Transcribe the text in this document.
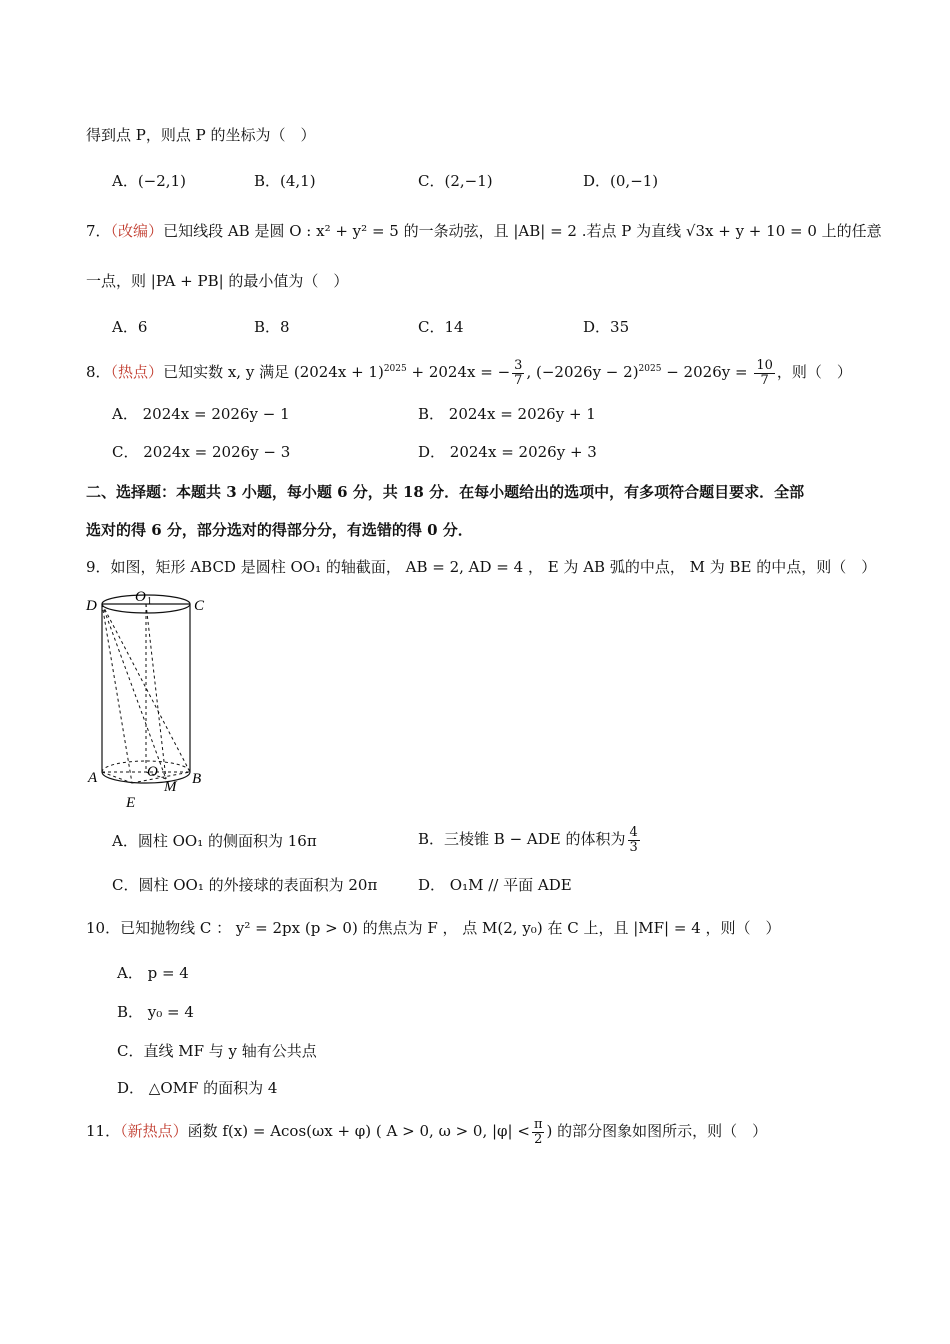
得到点 P，则点 P 的坐标为（　）
A．(−2,1)	B．(4,1)	C．(2,−1)	D．(0,−1)
7．（改编）已知线段 AB 是圆 O : x² + y² = 5 的一条动弦，且 |AB| = 2 .若点 P 为直线 √3x + y + 10 = 0 上的任意
一点，则 |PA + PB| 的最小值为（　）
A．6	B．8	C．14	D．35
8．（热点）已知实数 x, y 满足 $(2024x + 1)^{2025} + 2024x$ = − $\frac{3}{7}$ , $(-2026y - 2)^{2025} - 2026y = \frac{10}{7}$ ，则（　）
A． 2024x = 2026y − 1	B． 2024x = 2026y + 1
C． 2024x = 2026y − 3	D． 2024x = 2026y + 3
二、选择题：本题共 3 小题，每小题 6 分，共 18 分．在每小题给出的选项中，有多项符合题目要求．全部
选对的得 6 分，部分选对的得部分分，有选错的得 0 分．
9．如图，矩形 ABCD 是圆柱 OO₁ 的轴截面， AB = 2, AD = 4 ， E 为 AB 弧的中点， M 为 BE 的中点，则（　）
D
O 1	C
A	O B
M
E
A．圆柱 OO₁ 的侧面积为 16π	B．三棱锥 B − ADE 的体积为 $\frac{4}{3}$
C．圆柱 OO₁ 的外接球的表面积为 20π	D． O₁M // 平面 ADE
10．已知抛物线 C ： y² = 2px (p > 0) 的焦点为 F ， 点 M(2, y₀) 在 C 上，且 |MF| = 4 ，则（　）
A． p = 4
B． y₀ = 4
C．直线 MF 与 y 轴有公共点
D． △OMF 的面积为 4
11．（新热点）函数 f(x) = Acos(ωx + φ) ( A > 0, ω > 0, $|\varphi| < \frac{\pi}{2}$ ) 的部分图象如图所示，则（　）
